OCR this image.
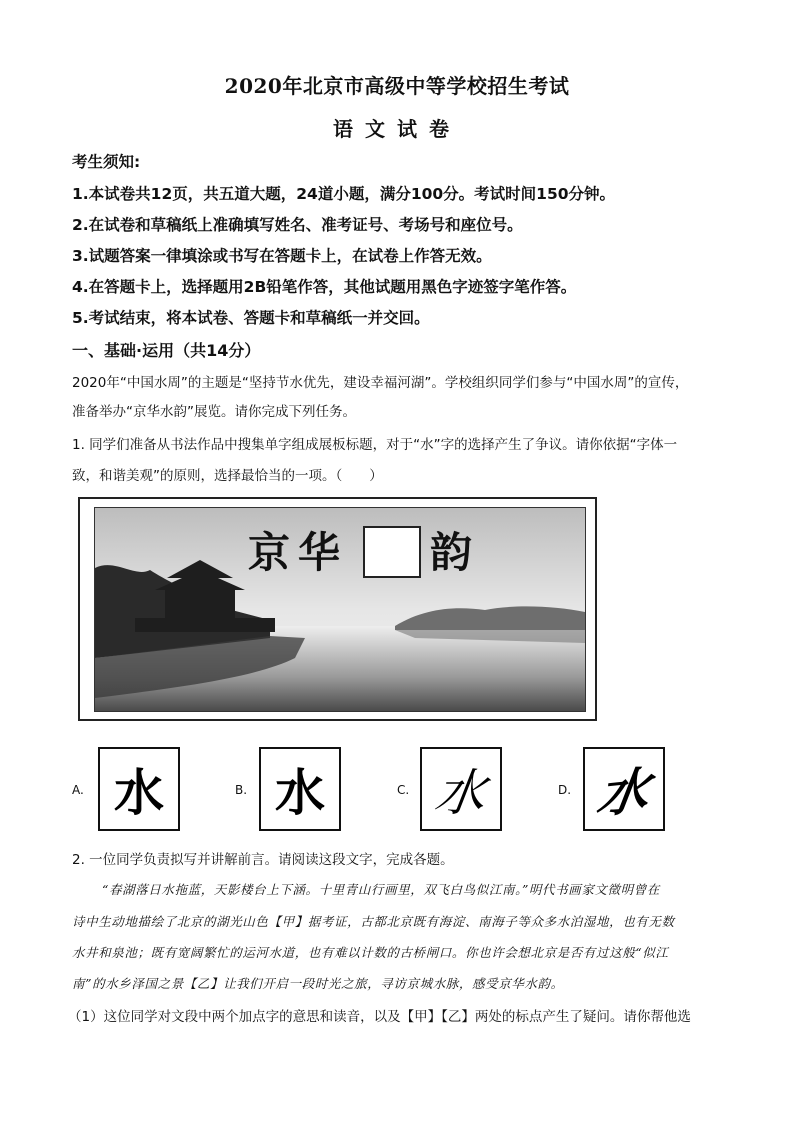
2020年北京市高级中等学校招生考试
语文试卷
考生须知:
1.本试卷共12页，共五道大题，24道小题，满分100分。考试时间150分钟。
2.在试卷和草稿纸上准确填写姓名、准考证号、考场号和座位号。
3.试题答案一律填涂或书写在答题卡上，在试卷上作答无效。
4.在答题卡上，选择题用2B铅笔作答，其他试题用黑色字迹签字笔作答。
5.考试结束，将本试卷、答题卡和草稿纸一并交回。
一、基础·运用（共14分）
2020年“中国水周”的主题是“坚持节水优先，建设幸福河湖”。学校组织同学们参与“中国水周”的宣传，
准备举办“京华水韵”展览。请你完成下列任务。
1. 同学们准备从书法作品中搜集单字组成展板标题，对于“水”字的选择产生了争议。请你依据“字体一
致，和谐美观”的原则，选择最恰当的一项。（　　）
京 华 韵
A. 水	B. 水	C. 水	D. 水
2. 一位同学负责拟写并讲解前言。请阅读这段文字，完成各题。
“春湖落日水拖蓝，天影楼台上下涵。十里青山行画里，双飞白鸟似江南。”明代书画家文徵明曾在
诗中生动地描绘了北京的湖光山色【甲】据考证，古都北京既有海淀、南海子等众多水泊湿地，也有无数
水井和泉池；既有宽阔繁忙的运河水道，也有难以计数的古桥闸口。你也许会想北京是否有过这般“似江
南”的水乡泽国之景【乙】让我们开启一段时光之旅，寻访京城水脉，感受京华水韵。
（1）这位同学对文段中两个加点字的意思和读音，以及【甲】【乙】两处的标点产生了疑问。请你帮他选
